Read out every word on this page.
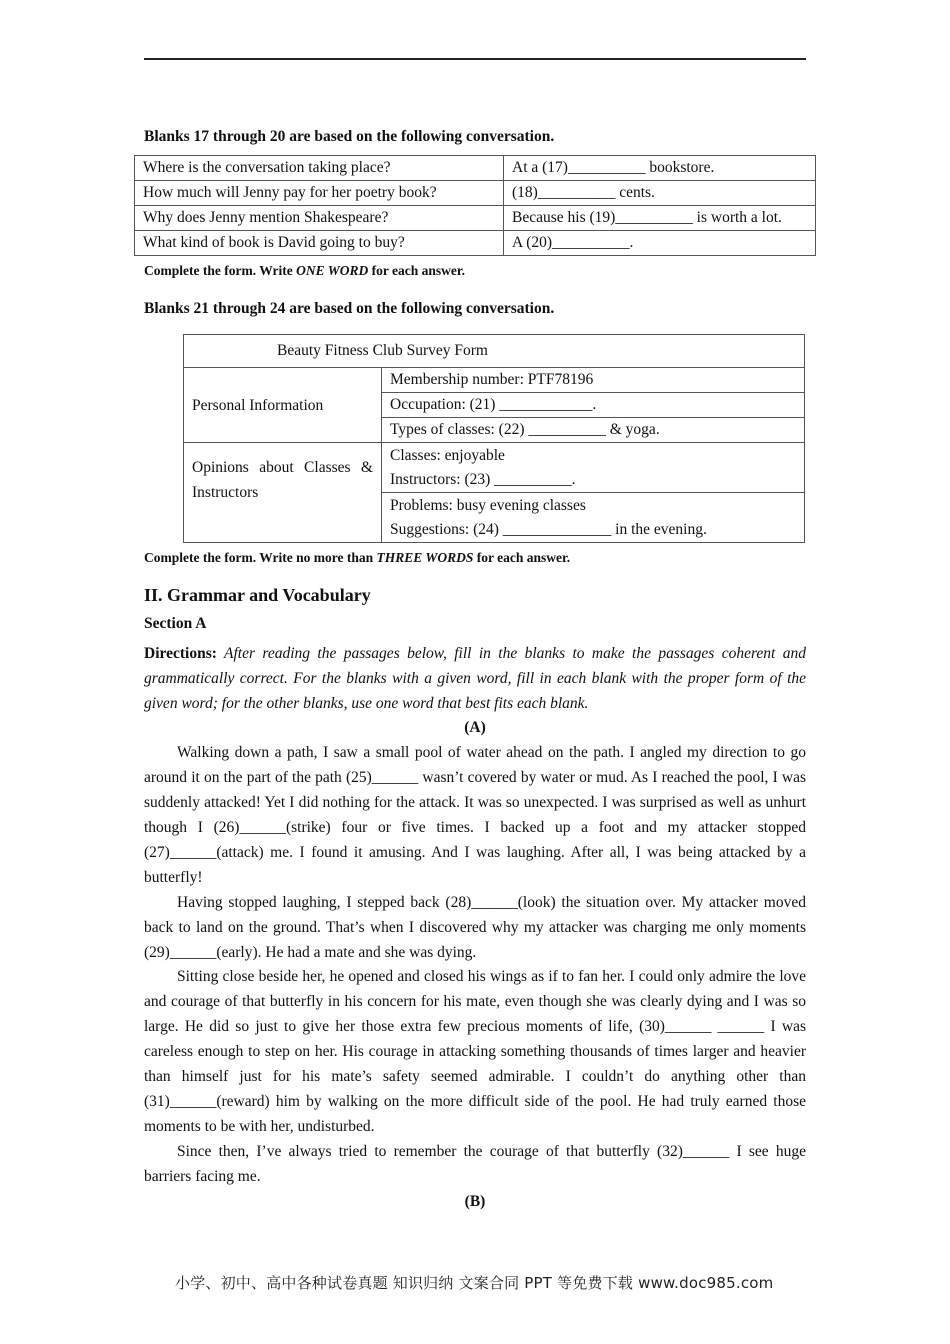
Blanks 17 through 20 are based on the following conversation.
Where is the conversation taking place?	At a (17)__________ bookstore.
How much will Jenny pay for her poetry book?	(18)__________ cents.
Why does Jenny mention Shakespeare?	Because his (19)__________ is worth a lot.
What kind of book is David going to buy?	A (20)__________.
Complete the form. Write ONE WORD for each answer.
Blanks 21 through 24 are based on the following conversation.
Beauty Fitness Club Survey Form	
Personal Information	Membership number: PTF78196
	Occupation: (21) ____________.
	Types of classes: (22) __________ & yoga.
Opinions about Classes & Instructors	Classes: enjoyable
Instructors: (23) __________.

	Problems: busy evening classes
Suggestions: (24) ______________ in the evening.
Complete the form. Write no more than THREE WORDS for each answer.
II. Grammar and Vocabulary
Section A
Directions: After reading the passages below, fill in the blanks to make the passages coherent and grammatically correct. For the blanks with a given word, fill in each blank with the proper form of the given word; for the other blanks, use one word that best fits each blank.
(A)
Walking down a path, I saw a small pool of water ahead on the path. I angled my direction to go around it on the part of the path (25)______ wasn’t covered by water or mud. As I reached the pool, I was suddenly attacked! Yet I did nothing for the attack. It was so unexpected. I was surprised as well as unhurt though I (26)______(strike) four or five times. I backed up a foot and my attacker stopped (27)______(attack) me. I found it amusing. And I was laughing. After all, I was being attacked by a butterfly!
Having stopped laughing, I stepped back (28)______(look) the situation over. My attacker moved back to land on the ground. That’s when I discovered why my attacker was charging me only moments (29)______(early). He had a mate and she was dying.
Sitting close beside her, he opened and closed his wings as if to fan her. I could only admire the love and courage of that butterfly in his concern for his mate, even though she was clearly dying and I was so large. He did so just to give her those extra few precious moments of life, (30)______ ______ I was careless enough to step on her. His courage in attacking something thousands of times larger and heavier than himself just for his mate’s safety seemed admirable. I couldn’t do anything other than (31)______(reward) him by walking on the more difficult side of the pool. He had truly earned those moments to be with her, undisturbed.
Since then, I’ve always tried to remember the courage of that butterfly (32)______ I see huge barriers facing me.
(B)
小学、初中、高中各种试卷真题 知识归纳 文案合同 PPT 等免费下载 www.doc985.com
